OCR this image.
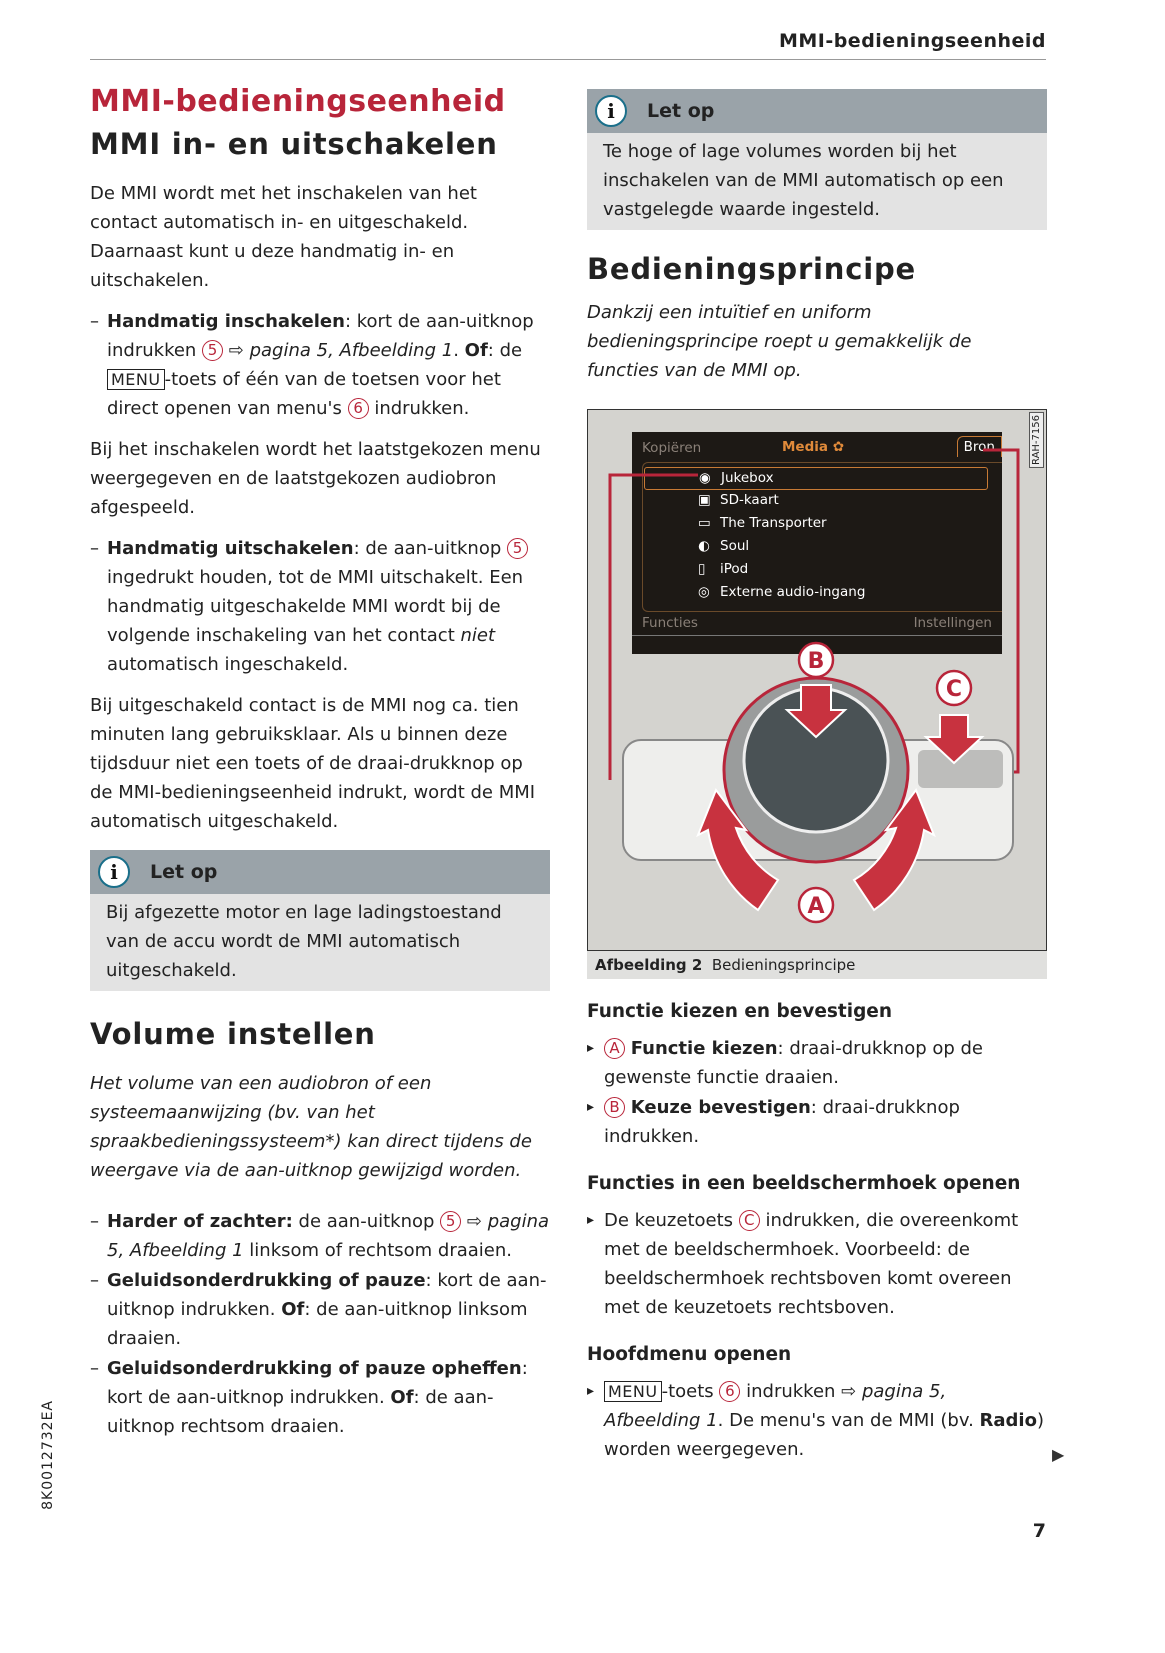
MMI-bedieningseenheid
MMI-bedieningseenheid
MMI in- en uitschakelen

De MMI wordt met het inschakelen van het contact automatisch in- en uitgeschakeld. Daarnaast kunt u deze handmatig in- en uitschakelen.

– Handmatig inschakelen: kort de aan-uitknop indrukken 5 ⇨ pagina 5, Afbeelding 1. Of: de MENU -toets of één van de toetsen voor het direct openen van menu's 6 indrukken.

Bij het inschakelen wordt het laatstgekozen menu weergegeven en de laatstgekozen audiobron afgespeeld.

– Handmatig uitschakelen: de aan-uitknop 5 ingedrukt houden, tot de MMI uitschakelt. Een handmatig uitgeschakelde MMI wordt bij de volgende inschakeling van het contact niet automatisch ingeschakeld.

Bij uitgeschakeld contact is de MMI nog ca. tien minuten lang gebruiksklaar. Als u binnen deze tijdsduur niet een toets of de draai-drukknop op de MMI-bedieningseenheid indrukt, wordt de MMI automatisch uitgeschakeld.

i	Let op
Bij afgezette motor en lage ladingstoestand van de accu wordt de MMI automatisch uitgeschakeld.
Volume instellen

Het volume van een audiobron of een systeemaanwijzing (bv. van het spraakbedieningssysteem*) kan direct tijdens de weergave via de aan-uitknop gewijzigd worden.

– Harder of zachter: de aan-uitknop 5 ⇨ pagina 5, Afbeelding 1 linksom of rechtsom draaien.
– Geluidsonderdrukking of pauze: kort de aan-uitknop indrukken. Of: de aan-uitknop linksom draaien.
– Geluidsonderdrukking of pauze opheffen: kort de aan-uitknop indrukken. Of: de aan-uitknop rechtsom draaien.
i	Let op
Te hoge of lage volumes worden bij het inschakelen van de MMI automatisch op een vastgelegde waarde ingesteld.
Bedieningsprincipe

Dankzij een intuïtief en uniform bedieningsprincipe roept u gemakkelijk de functies van de MMI op.

RAH-7156
Kopiëren	Media ✿	Bron
◉ Jukebox
▣ SD-kaart
▭ The Transporter
◐ Soul
▯ iPod
◎ Externe audio-ingang
Functies	Instellingen
B
C
A
Afbeelding 2 Bedieningsprincipe
Functie kiezen en bevestigen
▸ A Functie kiezen: draai-drukknop op de gewenste functie draaien.
▸ B Keuze bevestigen: draai-drukknop indrukken.
Functies in een beeldschermhoek openen
▸ De keuzetoets C indrukken, die overeenkomt met de beeldschermhoek. Voorbeeld: de beeldschermhoek rechtsboven komt overeen met de keuzetoets rechtsboven.
Hoofdmenu openen
▸ MENU -toets 6 indrukken ⇨ pagina 5, Afbeelding 1. De menu's van de MMI (bv. Radio) worden weergegeven.
8K0012732EA	▶
7
